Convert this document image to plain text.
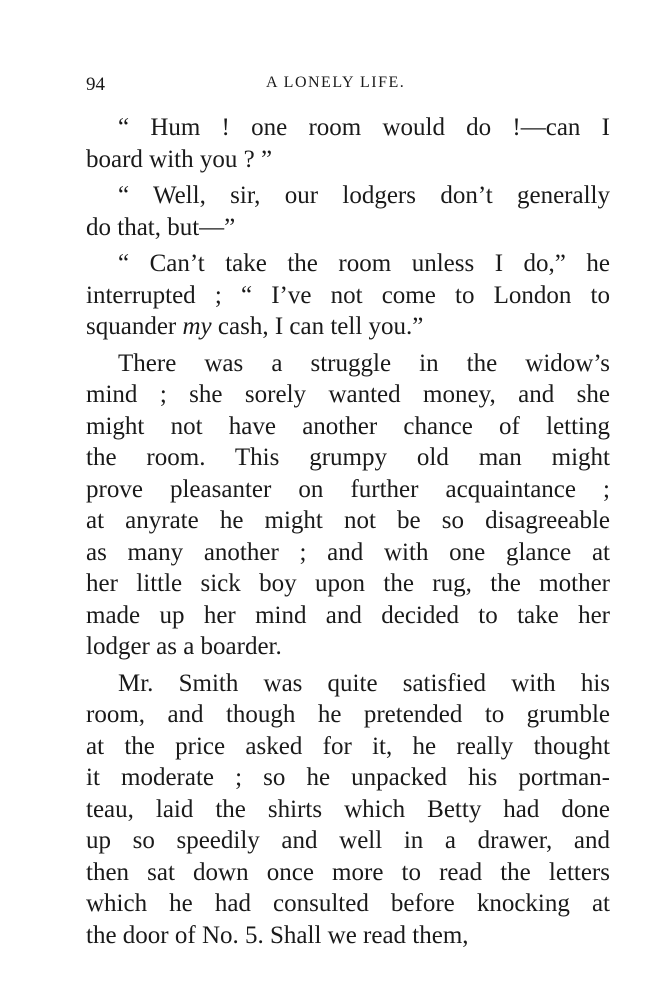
94	A LONELY LIFE.
“ Hum ! one room would do !—can I
board with you ? ”
“ Well, sir, our lodgers don’t generally
do that, but—”
“ Can’t take the room unless I do,” he
interrupted ; “ I’ve not come to London to
squander my cash, I can tell you.”
There was a struggle in the widow’s
mind ; she sorely wanted money, and she
might not have another chance of letting
the room. This grumpy old man might
prove pleasanter on further acquaintance ;
at anyrate he might not be so disagreeable
as many another ; and with one glance at
her little sick boy upon the rug, the mother
made up her mind and decided to take her
lodger as a boarder.
Mr. Smith was quite satisfied with his
room, and though he pretended to grumble
at the price asked for it, he really thought
it moderate ; so he unpacked his portman-
teau, laid the shirts which Betty had done
up so speedily and well in a drawer, and
then sat down once more to read the letters
which he had consulted before knocking at
the door of No. 5. Shall we read them,
